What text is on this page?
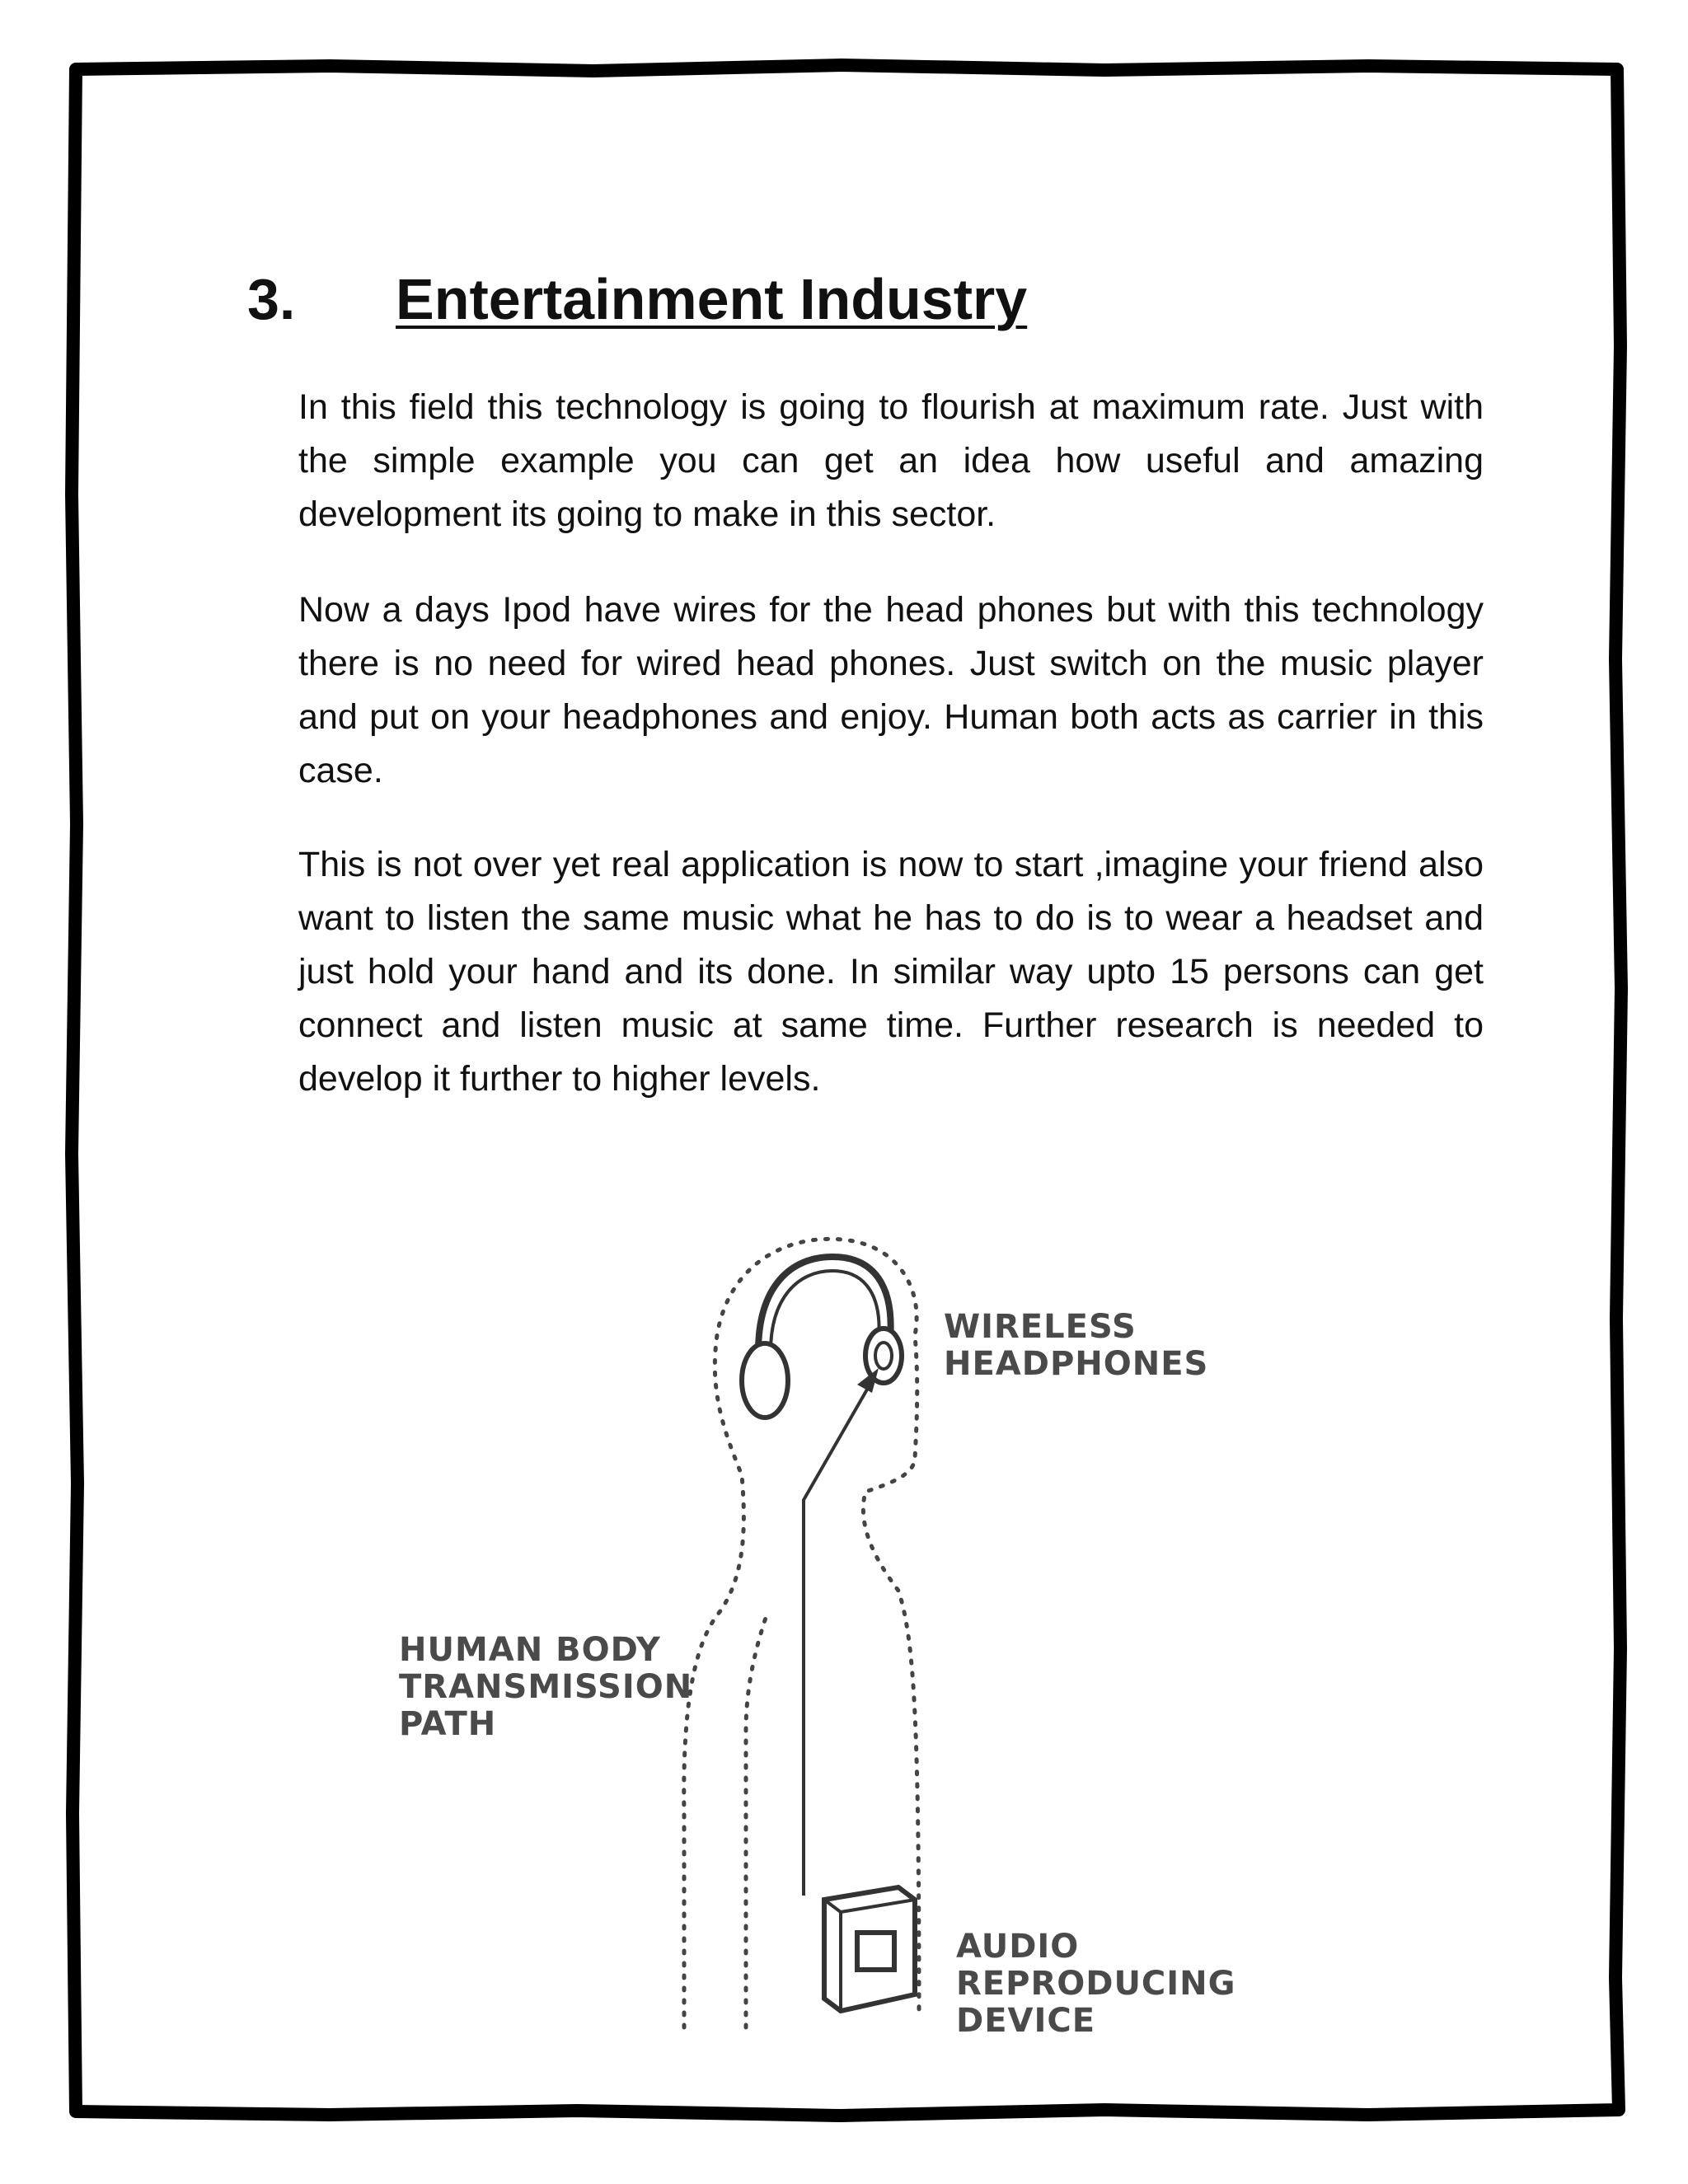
3. Entertainment Industry

In this field this technology is going to flourish at maximum rate. Just with the simple example you can get an idea how useful and amazing development its going to make in this sector.

Now a days Ipod have wires for the head phones but with this technology there is no need for wired head phones. Just switch on the music player and put on your headphones and enjoy. Human both acts as carrier in this case.

This is not over yet real application is now to start ,imagine your friend also want to listen the same music what he has to do is to wear a headset and just hold your hand and its done. In similar way upto 15 persons can get connect and listen music at same time. Further research is needed to develop it further to higher levels.

WIRELESS
HEADPHONES
HUMAN BODY
TRANSMISSION
PATH
AUDIO
REPRODUCING
DEVICE
